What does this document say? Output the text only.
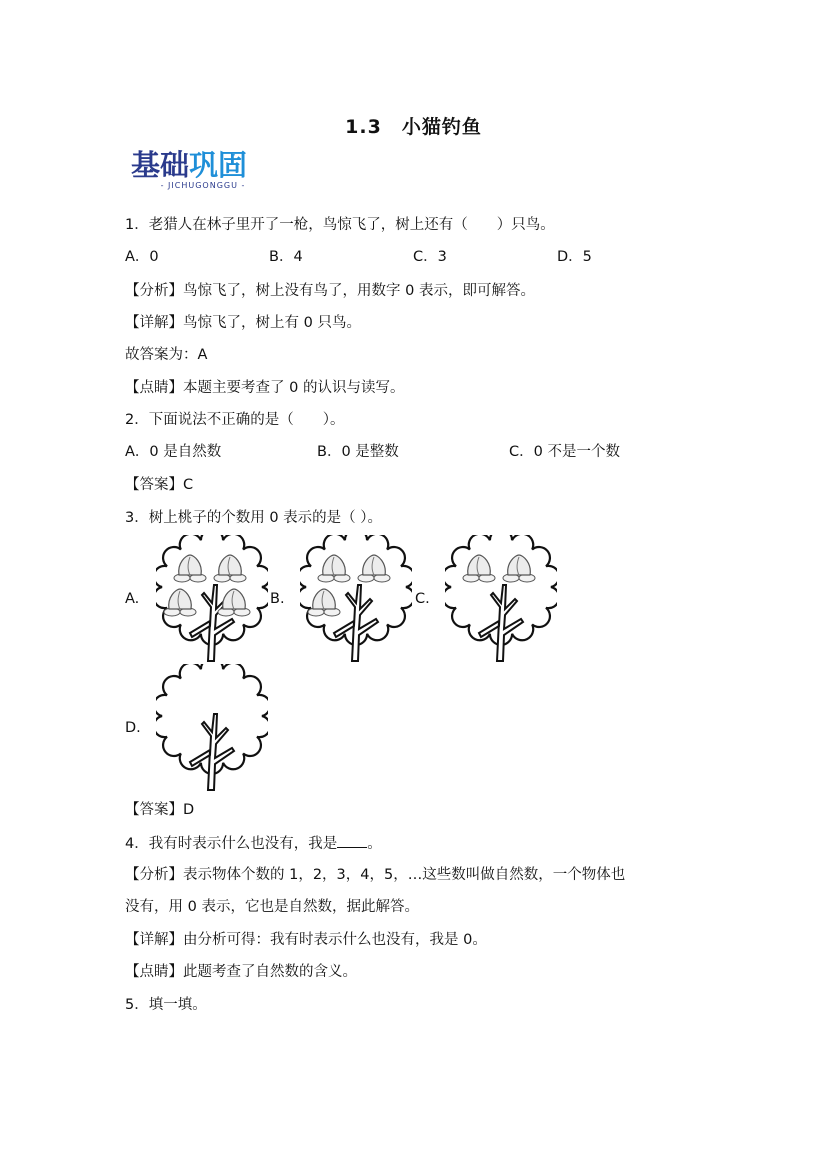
1.3　小猫钓鱼
基础巩固
- JICHUGONGGU -
1．老猎人在林子里开了一枪，鸟惊飞了，树上还有（　　）只鸟。
A．0	B．4	C．3	D．5
【分析】鸟惊飞了，树上没有鸟了，用数字 0 表示，即可解答。
【详解】鸟惊飞了，树上有 0 只鸟。
故答案为：A
【点睛】本题主要考查了 0 的认识与读写。
2．下面说法不正确的是（　　）。
A．0 是自然数	B．0 是整数	C．0 不是一个数
【答案】C
3．树上桃子的个数用 0 表示的是（ ）。
A.	B.	C.
D.
【答案】D
4．我有时表示什么也没有，我是 。
【分析】表示物体个数的 1，2，3，4，5，…这些数叫做自然数，一个物体也
没有，用 0 表示，它也是自然数，据此解答。
【详解】由分析可得：我有时表示什么也没有，我是 0。
【点睛】此题考查了自然数的含义。
5．填一填。
